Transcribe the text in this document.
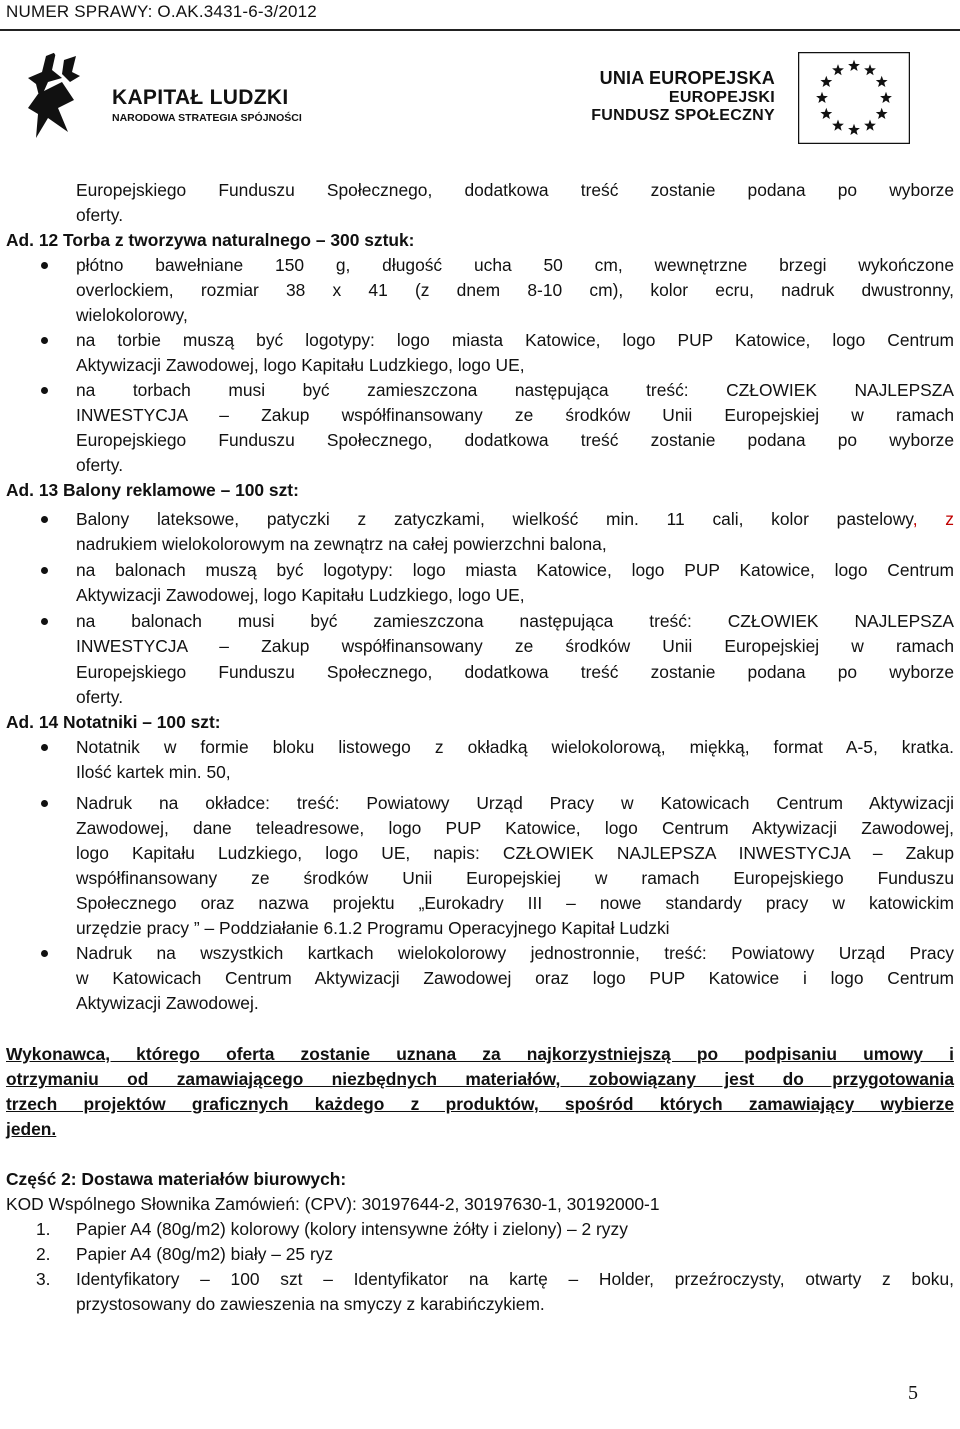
NUMER SPRAWY: O.AK.3431-6-3/2012
KAPITAŁ LUDZKI
NARODOWA STRATEGIA SPÓJNOŚCI
UNIA EUROPEJSKA
EUROPEJSKI
FUNDUSZ SPOŁECZNY
Europejskiego Funduszu Społecznego, dodatkowa treść zostanie podana po wyborze
oferty.
Ad. 12 Torba z tworzywa naturalnego – 300 sztuk:
płótno bawełniane 150 g, długość ucha 50 cm, wewnętrzne brzegi wykończone
overlockiem, rozmiar 38 x 41 (z dnem 8-10 cm), kolor ecru, nadruk dwustronny,
wielokolorowy,
na torbie muszą być logotypy: logo miasta Katowice, logo PUP Katowice, logo Centrum
Aktywizacji Zawodowej, logo Kapitału Ludzkiego, logo UE,
na torbach musi być zamieszczona następująca treść: CZŁOWIEK NAJLEPSZA
INWESTYCJA – Zakup współfinansowany ze środków Unii Europejskiej w ramach
Europejskiego Funduszu Społecznego, dodatkowa treść zostanie podana po wyborze
oferty.
Ad. 13 Balony reklamowe – 100 szt:
nadrukiem wielokolorowym na zewnątrz na całej powierzchni balona,
na balonach muszą być logotypy: logo miasta Katowice, logo PUP Katowice, logo Centrum
Aktywizacji Zawodowej, logo Kapitału Ludzkiego, logo UE,
na balonach musi być zamieszczona następująca treść: CZŁOWIEK NAJLEPSZA
INWESTYCJA – Zakup współfinansowany ze środków Unii Europejskiej w ramach
Europejskiego Funduszu Społecznego, dodatkowa treść zostanie podana po wyborze
oferty.
Ad. 14 Notatniki – 100 szt:
Notatnik w formie bloku listowego z okładką wielokolorową, miękką, format A-5, kratka.
Ilość kartek min. 50,
Nadruk na okładce: treść: Powiatowy Urząd Pracy w Katowicach Centrum Aktywizacji
Zawodowej, dane teleadresowe, logo PUP Katowice, logo Centrum Aktywizacji Zawodowej,
logo Kapitału Ludzkiego, logo UE, napis: CZŁOWIEK NAJLEPSZA INWESTYCJA – Zakup
współfinansowany ze środków Unii Europejskiej w ramach Europejskiego Funduszu
Społecznego oraz nazwa projektu „Eurokadry III – nowe standardy pracy w katowickim
urzędzie pracy ” – Poddziałanie 6.1.2 Programu Operacyjnego Kapitał Ludzki
Nadruk na wszystkich kartkach wielokolorowy jednostronnie, treść: Powiatowy Urząd Pracy
w Katowicach Centrum Aktywizacji Zawodowej oraz logo PUP Katowice i logo Centrum
Aktywizacji Zawodowej.
Wykonawca, którego oferta zostanie uznana za najkorzystniejszą po podpisaniu umowy i
otrzymaniu od zamawiającego niezbędnych materiałów, zobowiązany jest do przygotowania
trzech projektów graficznych każdego z produktów, spośród których zamawiający wybierze
jeden.
Część 2: Dostawa materiałów biurowych:
KOD Wspólnego Słownika Zamówień: (CPV): 30197644-2, 30197630-1, 30192000-1
Papier A4 (80g/m2) kolorowy (kolory intensywne żółty i zielony) – 2 ryzy
Papier A4 (80g/m2) biały – 25 ryz
Identyfikatory – 100 szt – Identyfikator na kartę – Holder, przeźroczysty, otwarty z boku,
przystosowany do zawieszenia na smyczy z karabińczykiem.
Balony lateksowe, patyczki z zatyczkami, wielkość min. 11 cali, kolor pastelowy, z
1.
2.
3.
5
